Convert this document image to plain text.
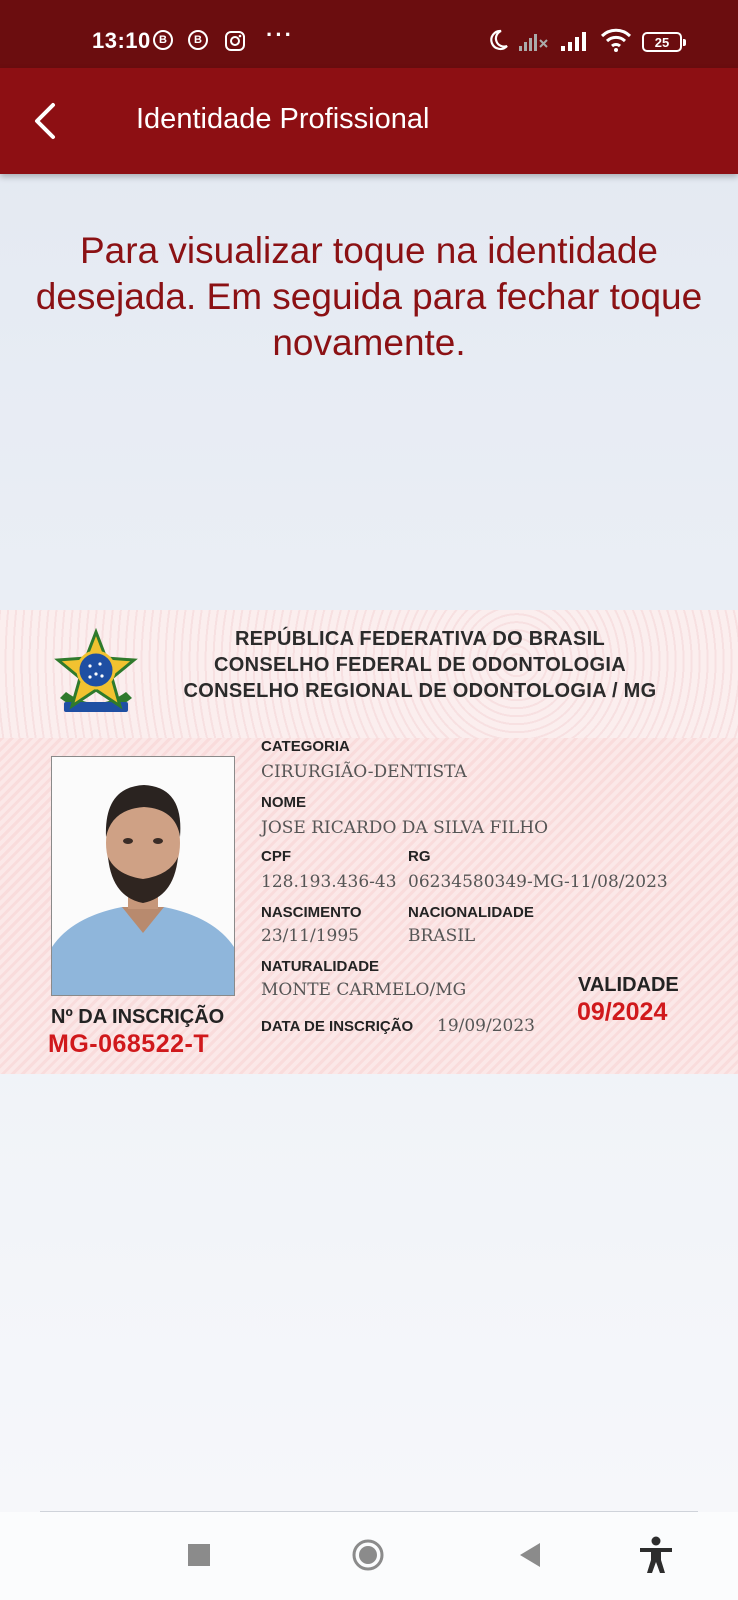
13:10 B B	···	25
Identidade Profissional
Para visualizar toque na identidade desejada. Em seguida para fechar toque novamente.
REPÚBLICA FEDERATIVA DO BRASIL
CONSELHO FEDERAL DE ODONTOLOGIA
CONSELHO REGIONAL DE ODONTOLOGIA / MG
CATEGORIA
CIRURGIÃO-DENTISTA
NOME
JOSE RICARDO DA SILVA FILHO
CPF
128.193.436-43
RG
06234580349-MG-11/08/2023
NASCIMENTO
23/11/1995
NACIONALIDADE
BRASIL
NATURALIDADE
MONTE CARMELO/MG
DATA DE INSCRIÇÃO 19/09/2023
VALIDADE
09/2024
Nº DA INSCRIÇÃO
MG-068522-T
